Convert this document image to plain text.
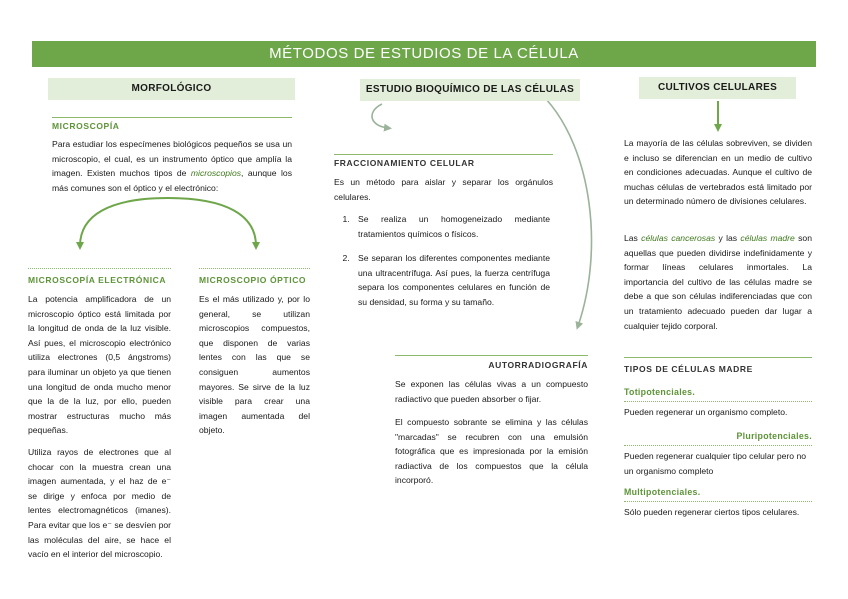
MÉTODOS DE ESTUDIOS DE LA CÉLULA
MORFOLÓGICO
MICROSCOPÍA

Para estudiar los especímenes biológicos pequeños se usa un microscopio, el cual, es un instrumento óptico que amplía la imagen. Existen muchos tipos de microscopios, aunque los más comunes son el óptico y el electrónico:

MICROSCOPÍA ELECTRÓNICA

La potencia amplificadora de un microscopio óptico está limitada por la longitud de onda de la luz visible. Así pues, el microscopio electrónico utiliza electrones (0,5 ángstroms) para iluminar un objeto ya que tienen una longitud de onda mucho menor que la de la luz, por ello, pueden mostrar estructuras mucho más pequeñas.

Utiliza rayos de electrones que al chocar con la muestra crean una imagen aumentada, y el haz de e⁻ se dirige y enfoca por medio de lentes electromagnéticos (imanes). Para evitar que los e⁻ se desvíen por las moléculas del aire, se hace el vacío en el interior del microscopio.

MICROSCOPIO ÓPTICO

Es el más utilizado y, por lo general, se utilizan microscopios compuestos, que disponen de varias lentes con las que se consiguen aumentos mayores. Se sirve de la luz visible para crear una imagen aumentada del objeto.

ESTUDIO BIOQUÍMICO DE LAS CÉLULAS
FRACCIONAMIENTO CELULAR

Es un método para aislar y separar los orgánulos celulares.

1. Se realiza un homogeneizado mediante tratamientos químicos o físicos.
2. Se separan los diferentes componentes mediante una ultracentrífuga. Así pues, la fuerza centrífuga separa los componentes celulares en función de su densidad, su forma y su tamaño.
AUTORRADIOGRAFÍA

Se exponen las células vivas a un compuesto radiactivo que pueden absorber o fijar.

El compuesto sobrante se elimina y las células "marcadas" se recubren con una emulsión fotográfica que es impresionada por la emisión radiactiva de los compuestos que la célula incorporó.

CULTIVOS CELULARES

La mayoría de las células sobreviven, se dividen e incluso se diferencian en un medio de cultivo en condiciones adecuadas. Aunque el cultivo de muchas células de vertebrados está limitado por un determinado número de divisiones celulares.

Las células cancerosas y las células madre son aquellas que pueden dividirse indefinidamente y formar líneas celulares inmortales. La importancia del cultivo de las células madre se debe a que son células indiferenciadas que con un tratamiento adecuado pueden dar lugar a cualquier tejido corporal.

TIPOS DE CÉLULAS MADRE
Totipotenciales.

Pueden regenerar un organismo completo.

Pluripotenciales.

Pueden regenerar cualquier tipo celular pero no un organismo completo

Multipotenciales.

Sólo pueden regenerar ciertos tipos celulares.
